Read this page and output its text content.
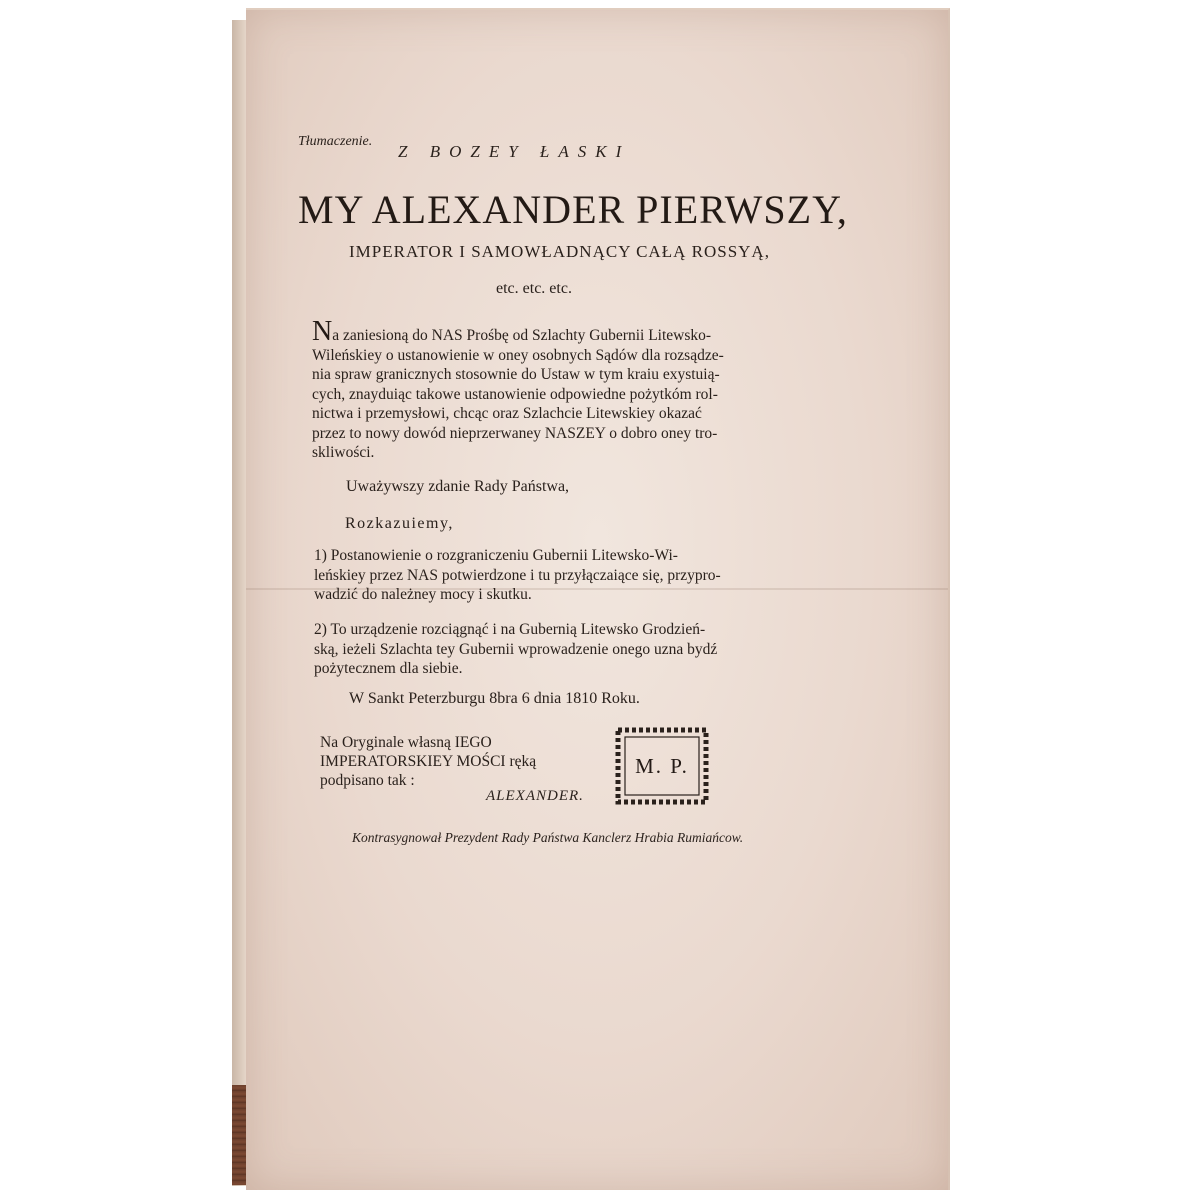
Tłumaczenie.

Z BOZEY ŁASKI

MY ALEXANDER PIERWSZY,

IMPERATOR I SAMOWŁADNĄCY CAŁĄ ROSSYĄ,

etc. etc. etc.

Na zaniesioną do NAS Prośbę od Szlachty Gubernii Litewsko-

Wileńskiey o ustanowienie w oney osobnych Sądów dla rozsądze-

nia spraw granicznych stosownie do Ustaw w tym kraiu exystuią-

cych, znayduiąc takowe ustanowienie odpowiedne pożytkóm rol-

nictwa i przemysłowi, chcąc oraz Szlachcie Litewskiey okazać

przez to nowy dowód nieprzerwaney NASZEY o dobro oney tro-

skliwości.

Uważywszy zdanie Rady Państwa,

Rozkazuiemy,

1) Postanowienie o rozgraniczeniu Gubernii Litewsko-Wi-

leńskiey przez NAS potwierdzone i tu przyłączaiące się, przypro-

wadzić do należney mocy i skutku.

2) To urządzenie rozciągnąć i na Gubernią Litewsko Grodzień-

ską, ieżeli Szlachta tey Gubernii wprowadzenie onego uzna bydź

pożytecznem dla siebie.

W Sankt Peterzburgu 8bra 6 dnia 1810 Roku.

Na Oryginale własną IEGO

IMPERATORSKIEY MOŚCI ręką

podpisano tak :

ALEXANDER.

M. P.

Kontrasygnował Prezydent Rady Państwa Kanclerz Hrabia Rumiańcow.
